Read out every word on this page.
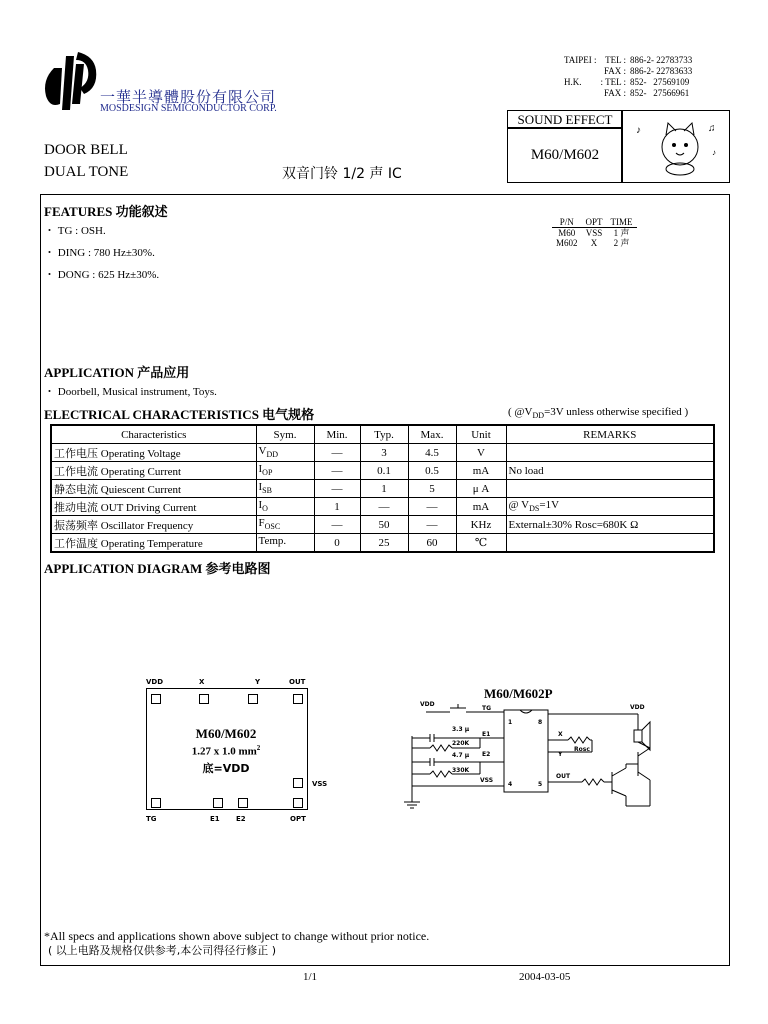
一華半導體股份有限公司
MOSDESIGN SEMICONDUCTOR CORP.
TAIPEI :	TEL :	886-2- 22783733
	FAX :	886-2- 22783633
H.K.	: TEL :	852-   27569109
	FAX :	852-   27566961
SOUND EFFECT
M60/M602
♪	♫
♪
DOOR BELL
DUAL TONE	双音门铃 1/2 声 IC
FEATURES 功能叙述
・ TG : OSH.
・ DING : 780 Hz±30%.
・ DONG : 625 Hz±30%.
P/N	OPT	TIME
M60	VSS	1 声
M602	X	2 声
APPLICATION 产品应用
・ Doorbell, Musical instrument, Toys.
ELECTRICAL CHARACTERISTICS 电气规格	( $@V_{DD}=3V$ unless otherwise specified )
Characteristics	Sym.	Min.	Typ.	Max.	Unit	REMARKS
工作电压 Operating Voltage	$V_{DD}$	—	3	4.5	V	
工作电流 Operating Current	$I_{OP}$	—	0.1	0.5	mA	No load
静态电流 Quiescent Current	$I_{SB}$	—	1	5	μ A	
推动电流 OUT Driving Current	$I_O$	1	—	—	mA	@ $V_{DS}=1V$
振荡频率 Oscillator Frequency	$F_{OSC}$	—	50	—	KHz	External±30% Rosc=680K Ω
工作温度 Operating Temperature	Temp.	0	25	60	℃	
APPLICATION DIAGRAM 参考电路图
VDD	X	Y	OUT
VSS
M60/M602
1.27 x 1.0 $mm^2$
底=VDD
TG	E1 E2	OPT
M60/M602P
VDD	VDD
TG
E1
E2
VSS
X
Y
OUT
1	8
4	5
3.3 μ
220K
4.7 μ
330K
Rosc
*All specs and applications shown above subject to change without prior notice.
( 以上电路及规格仅供参考,本公司得径行修正 )
1/1	2004-03-05
